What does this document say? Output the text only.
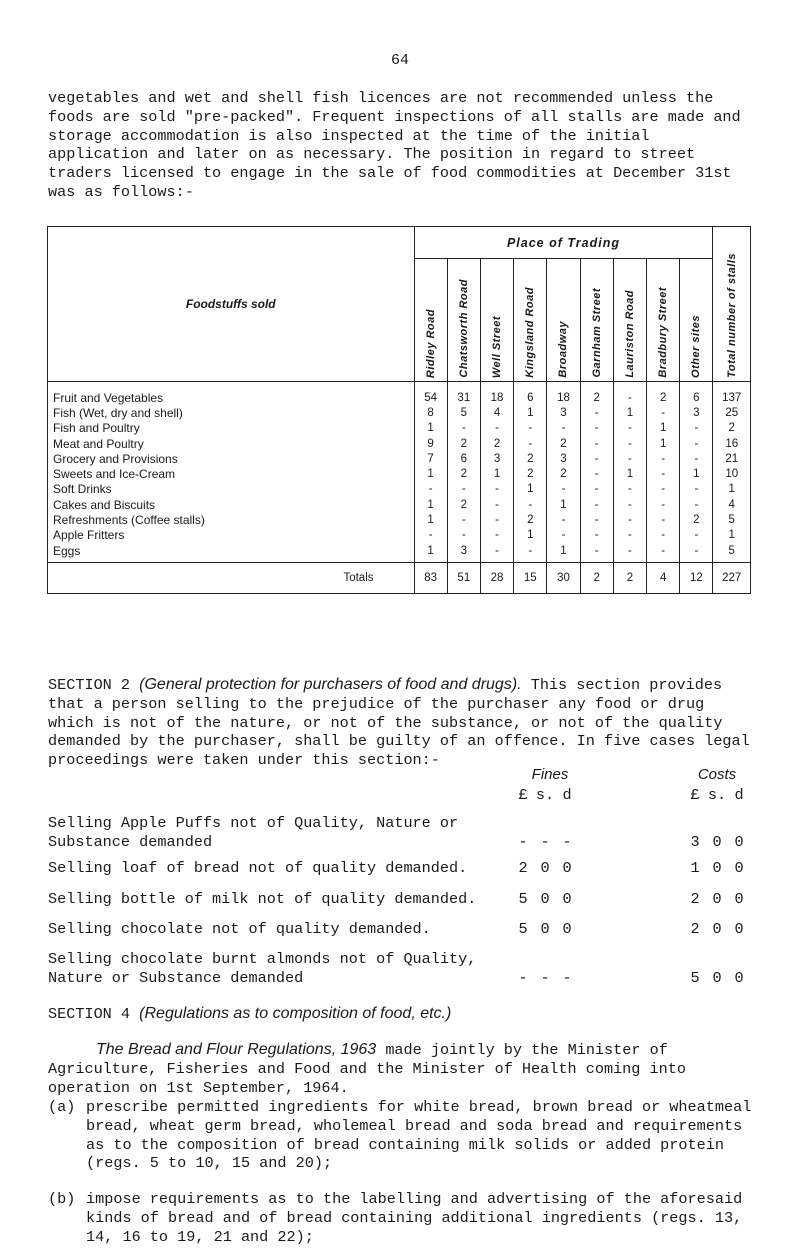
64

vegetables and wet and shell fish licences are not recommended unless the foods are sold "pre-packed". Frequent inspections of all stalls are made and storage accommodation is also inspected at the time of the initial application and later on as necessary. The position in regard to street traders licensed to engage in the sale of food commodities at December 31st was as follows:-

Foodstuffs sold	Place of Trading									Total number of stalls
	Ridley Road	Chatsworth Road	Well Street	Kingsland Road	Broadway	Garnham Street	Lauriston Road	Bradbury Street	Other sites	

Fruit and Vegetables	54	31	18	6	18	2	-	2	6	137
Fish (Wet, dry and shell)	8	5	4	1	3	-	1	-	3	25
Fish and Poultry	1	-	-	-	-	-	-	1	-	2
Meat and Poultry	9	2	2	-	2	-	-	1	-	16
Grocery and Provisions	7	6	3	2	3	-	-	-	-	21
Sweets and Ice-Cream	1	2	1	2	2	-	1	-	1	10
Soft Drinks	-	-	-	1	-	-	-	-	-	1
Cakes and Biscuits	1	2	-	-	1	-	-	-	-	4
Refreshments (Coffee stalls)	1	-	-	2	-	-	-	-	2	5
Apple Fritters	-	-	-	1	-	-	-	-	-	1
Eggs	1	3	-	-	1	-	-	-	-	5
Totals	83	51	28	15	30	2	2	4	12	227
SECTION 2 (General protection for purchasers of food and drugs). This section provides that a person selling to the prejudice of the purchaser any food or drug which is not of the nature, or not of the substance, or not of the quality demanded by the purchaser, shall be guilty of an offence. In five cases legal proceedings were taken under this section:-
Fines	Costs
£ s. d	£ s. d
Selling Apple Puffs not of Quality, Nature or
Substance demanded	- - -	3 0 0
Selling loaf of bread not of quality demanded.	2 0 0	1 0 0
Selling bottle of milk not of quality demanded.	5 0 0	2 0 0
Selling chocolate not of quality demanded.	5 0 0	2 0 0
Selling chocolate burnt almonds not of Quality,
Nature or Substance demanded	- - -	5 0 0
SECTION 4 (Regulations as to composition of food, etc.)
The Bread and Flour Regulations, 1963 made jointly by the Minister of Agriculture, Fisheries and Food and the Minister of Health coming into operation on 1st September, 1964.
(a) prescribe permitted ingredients for white bread, brown bread or wheatmeal bread, wheat germ bread, wholemeal bread and soda bread and requirements as to the composition of bread containing milk solids or added protein (regs. 5 to 10, 15 and 20);
(b) impose requirements as to the labelling and advertising of the aforesaid kinds of bread and of bread containing additional ingredients (regs. 13, 14, 16 to 19, 21 and 22);
